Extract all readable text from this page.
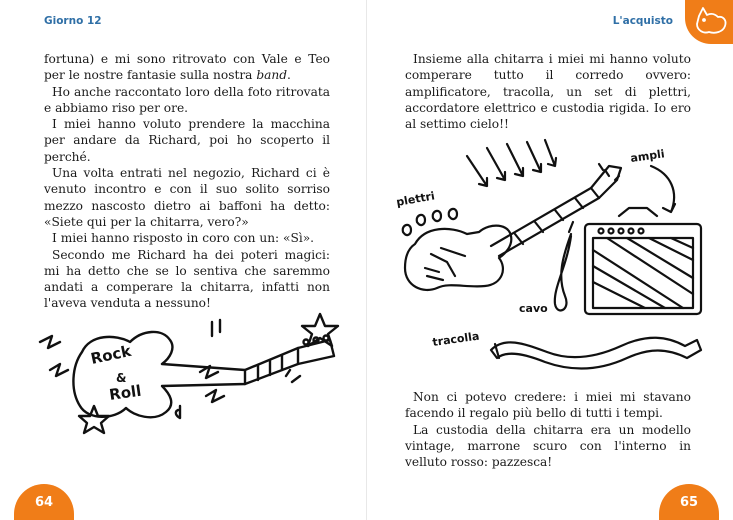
Giorno 12

fortuna) e mi sono ritrovato con Vale e Teo per le nostre fantasie sulla nostra band.

Ho anche raccontato loro della foto ritrovata e abbiamo riso per ore.

I miei hanno voluto prendere la macchina per andare da Richard, poi ho scoperto il perché.

Una volta entrati nel negozio, Richard ci è venuto incontro e con il suo solito sorriso mezzo nascosto dietro ai baffoni ha detto: «Siete qui per la chitarra, vero?»

I miei hanno risposto in coro con un: «Sì».

Secondo me Richard ha dei poteri magici: mi ha detto che se lo sentiva che saremmo andati a comperare la chitarra, infatti non l'aveva venduta a nessuno!

Rock
&
Roll
64
L'acquisto

Insieme alla chitarra i miei mi hanno voluto comperare tutto il corredo ovvero: amplificatore, tracolla, un set di plettri, accordatore elettrico e custodia rigida. Io ero al settimo cielo!!

plettri
ampli
cavo
tracolla

Non ci potevo credere: i miei mi stavano facendo il regalo più bello di tutti i tempi.

La custodia della chitarra era un modello vintage, marrone scuro con l'interno in velluto rosso: pazzesca!

65
